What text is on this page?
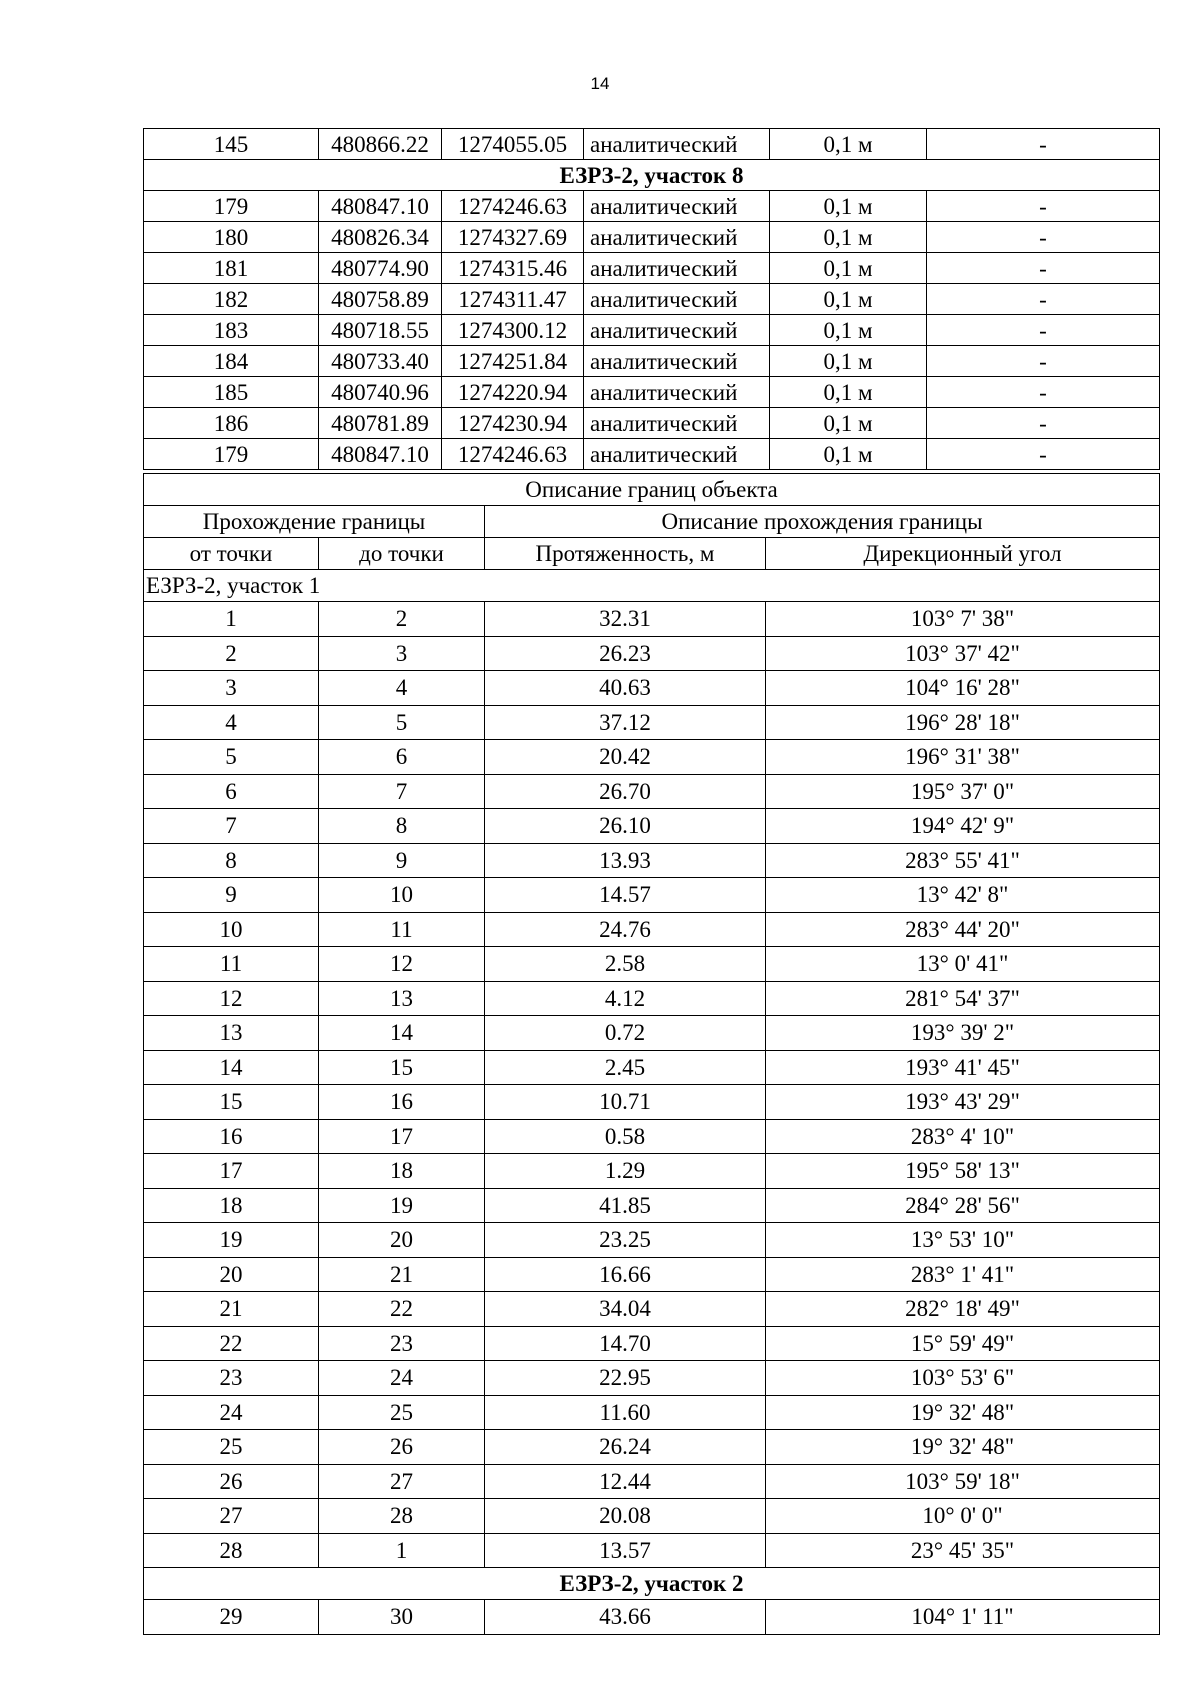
14
145	480866.22	1274055.05	аналитический	0,1 м	-
ЕЗРЗ-2, участок 8					
179	480847.10	1274246.63	аналитический	0,1 м	-
180	480826.34	1274327.69	аналитический	0,1 м	-
181	480774.90	1274315.46	аналитический	0,1 м	-
182	480758.89	1274311.47	аналитический	0,1 м	-
183	480718.55	1274300.12	аналитический	0,1 м	-
184	480733.40	1274251.84	аналитический	0,1 м	-
185	480740.96	1274220.94	аналитический	0,1 м	-
186	480781.89	1274230.94	аналитический	0,1 м	-
179	480847.10	1274246.63	аналитический	0,1 м	-
Описание границ объекта			
Прохождение границы		Описание прохождения границы	
от точки	до точки	Протяженность, м	Дирекционный угол
ЕЗРЗ-2, участок 1			
1	2	32.31	103° 7' 38"
2	3	26.23	103° 37' 42"
3	4	40.63	104° 16' 28"
4	5	37.12	196° 28' 18"
5	6	20.42	196° 31' 38"
6	7	26.70	195° 37' 0"
7	8	26.10	194° 42' 9"
8	9	13.93	283° 55' 41"
9	10	14.57	13° 42' 8"
10	11	24.76	283° 44' 20"
11	12	2.58	13° 0' 41"
12	13	4.12	281° 54' 37"
13	14	0.72	193° 39' 2"
14	15	2.45	193° 41' 45"
15	16	10.71	193° 43' 29"
16	17	0.58	283° 4' 10"
17	18	1.29	195° 58' 13"
18	19	41.85	284° 28' 56"
19	20	23.25	13° 53' 10"
20	21	16.66	283° 1' 41"
21	22	34.04	282° 18' 49"
22	23	14.70	15° 59' 49"
23	24	22.95	103° 53' 6"
24	25	11.60	19° 32' 48"
25	26	26.24	19° 32' 48"
26	27	12.44	103° 59' 18"
27	28	20.08	10° 0' 0"
28	1	13.57	23° 45' 35"
ЕЗРЗ-2, участок 2			
29	30	43.66	104° 1' 11"
